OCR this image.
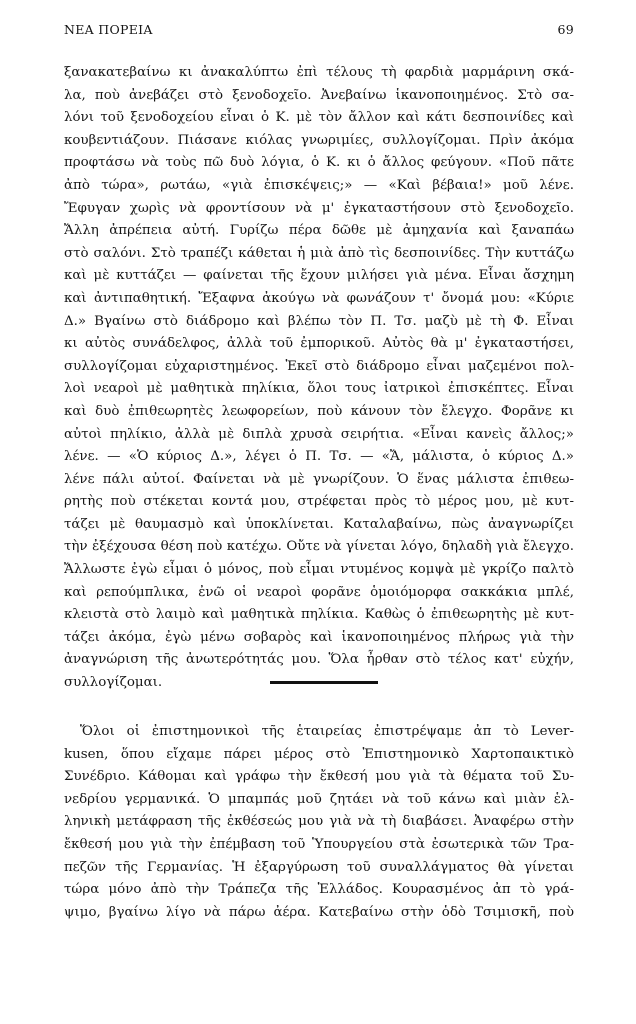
ΝΕΑ ΠΟΡΕΙΑ	69
ξανακατεβαίνω κι ἀνακαλύπτω ἐπὶ τέλους τὴ φαρδιὰ μαρμάρινη σκά-
λα, ποὺ ἀνεβάζει στὸ ξενοδοχεῖο. Ἀνεβαίνω ἱκανοποιημένος. Στὸ σα-
λόνι τοῦ ξενοδοχείου εἶναι ὁ Κ. μὲ τὸν ἄλλον καὶ κάτι δεσποινίδες καὶ
κουβεντιάζουν. Πιάσανε κιόλας γνωριμίες, συλλογίζομαι. Πρὶν ἀκόμα
προφτάσω νὰ τοὺς πῶ δυὸ λόγια, ὁ Κ. κι ὁ ἄλλος φεύγουν. «Ποῦ πᾶτε
ἀπὸ τώρα», ρωτάω, «γιὰ ἐπισκέψεις;» — «Καὶ βέβαια!» μοῦ λένε.
Ἔφυγαν χωρὶς νὰ φροντίσουν νὰ μ' ἐγκαταστήσουν στὸ ξενοδοχεῖο.
Ἄλλη ἀπρέπεια αὐτή. Γυρίζω πέρα δῶθε μὲ ἀμηχανία καὶ ξαναπάω
στὸ σαλόνι. Στὸ τραπέζι κάθεται ἡ μιὰ ἀπὸ τὶς δεσποινίδες. Τὴν κυττάζω
καὶ μὲ κυττάζει — φαίνεται τῆς ἔχουν μιλήσει γιὰ μένα. Εἶναι ἄσχημη
καὶ ἀντιπαθητική. Ἔξαφνα ἀκούγω νὰ φωνάζουν τ' ὄνομά μου: «Κύριε
Δ.» Βγαίνω στὸ διάδρομο καὶ βλέπω τὸν Π. Τσ. μαζὺ μὲ τὴ Φ. Εἶναι
κι αὐτὸς συνάδελφος, ἀλλὰ τοῦ ἐμπορικοῦ. Αὐτὸς θὰ μ' ἐγκαταστήσει,
συλλογίζομαι εὐχαριστημένος. Ἐκεῖ στὸ διάδρομο εἶναι μαζεμένοι πολ-
λοὶ νεαροὶ μὲ μαθητικὰ πηλίκια, ὅλοι τους ἰατρικοὶ ἐπισκέπτες. Εἶναι
καὶ δυὸ ἐπιθεωρητὲς λεωφορείων, ποὺ κάνουν τὸν ἔλεγχο. Φορᾶνε κι
αὐτοὶ πηλίκιο, ἀλλὰ μὲ διπλὰ χρυσὰ σειρήτια. «Εἶναι κανεὶς ἄλλος;»
λένε. — «Ὁ κύριος Δ.», λέγει ὁ Π. Τσ. — «Ἄ, μάλιστα, ὁ κύριος Δ.»
λένε πάλι αὐτοί. Φαίνεται νὰ μὲ γνωρίζουν. Ὁ ἕνας μάλιστα ἐπιθεω-
ρητὴς ποὺ στέκεται κοντά μου, στρέφεται πρὸς τὸ μέρος μου, μὲ κυτ-
τάζει μὲ θαυμασμὸ καὶ ὑποκλίνεται. Καταλαβαίνω, πὼς ἀναγνωρίζει
τὴν ἐξέχουσα θέση ποὺ κατέχω. Οὔτε νὰ γίνεται λόγο, δηλαδὴ γιὰ ἔλεγχο.
Ἄλλωστε ἐγὼ εἶμαι ὁ μόνος, ποὺ εἶμαι ντυμένος κομψὰ μὲ γκρίζο παλτὸ
καὶ ρεπούμπλικα, ἐνῶ οἱ νεαροὶ φορᾶνε ὁμοιόμορφα σακκάκια μπλέ,
κλειστὰ στὸ λαιμὸ καὶ μαθητικὰ πηλίκια. Καθὼς ὁ ἐπιθεωρητὴς μὲ κυτ-
τάζει ἀκόμα, ἐγὼ μένω σοβαρὸς καὶ ἱκανοποιημένος πλήρως γιὰ τὴν
ἀναγνώριση τῆς ἀνωτερότητάς μου. Ὅλα ἦρθαν στὸ τέλος κατ' εὐχήν,
συλλογίζομαι.
Ὅλοι οἱ ἐπιστημονικοὶ τῆς ἑταιρείας ἐπιστρέψαμε ἀπ τὸ Lever-
kusen, ὅπου εἴχαμε πάρει μέρος στὸ Ἐπιστημονικὸ Χαρτοπαικτικὸ
Συνέδριο. Κάθομαι καὶ γράφω τὴν ἔκθεσή μου γιὰ τὰ θέματα τοῦ Συ-
νεδρίου γερμανικά. Ὁ μπαμπάς μοῦ ζητάει νὰ τοῦ κάνω καὶ μιὰν ἑλ-
ληνικὴ μετάφραση τῆς ἐκθέσεώς μου γιὰ νὰ τὴ διαβάσει. Ἀναφέρω στὴν
ἔκθεσή μου γιὰ τὴν ἐπέμβαση τοῦ Ὑπουργείου στὰ ἐσωτερικὰ τῶν Τρα-
πεζῶν τῆς Γερμανίας. Ἡ ἐξαργύρωση τοῦ συναλλάγματος θὰ γίνεται
τώρα μόνο ἀπὸ τὴν Τράπεζα τῆς Ἑλλάδος. Κουρασμένος ἀπ τὸ γρά-
ψιμο, βγαίνω λίγο νὰ πάρω ἀέρα. Κατεβαίνω στὴν ὁδὸ Τσιμισκῆ, ποὺ
